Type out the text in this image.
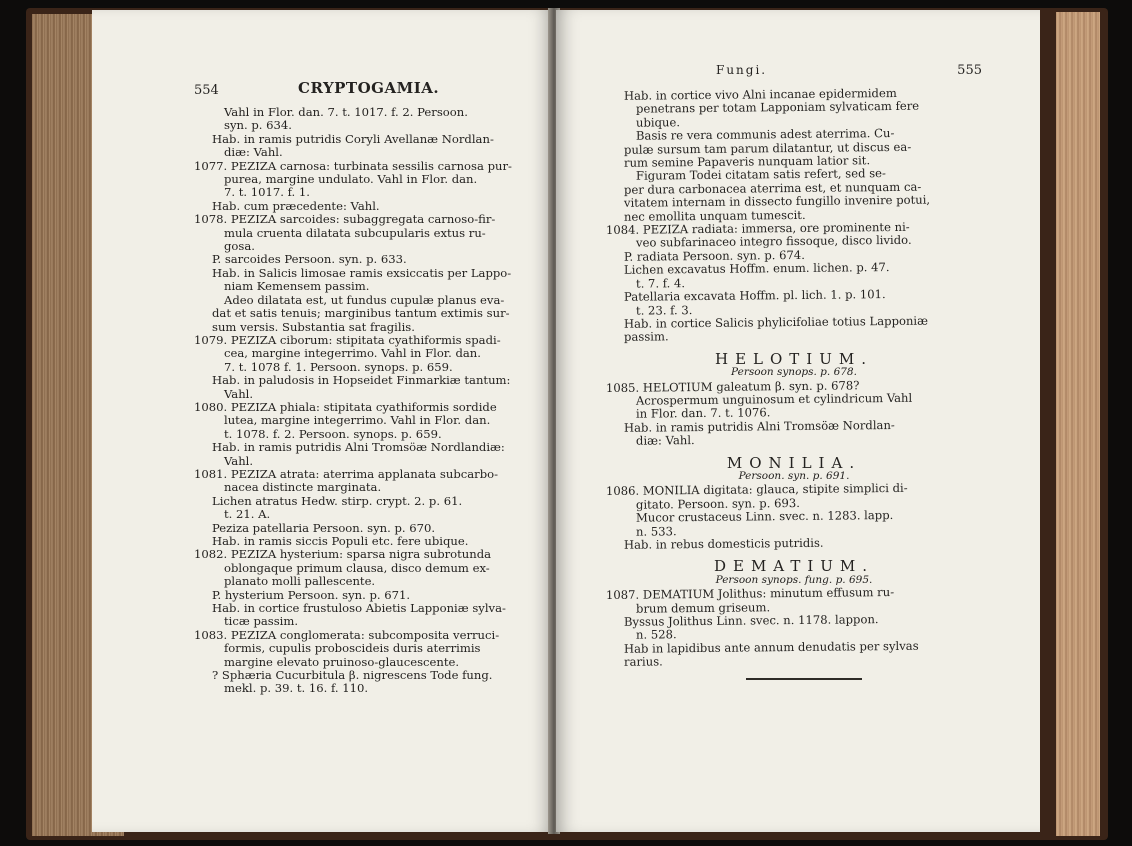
554	CRYPTOGAMIA.
Vahl in Flor. dan. 7. t. 1017. f. 2. Persoon.
syn. p. 634.
Hab. in ramis putridis Coryli Avellanæ Nordlan-
diæ: Vahl.
1077. PEZIZA carnosa: turbinata sessilis carnosa pur-
purea, margine undulato. Vahl in Flor. dan.
7. t. 1017. f. 1.
Hab. cum præcedente: Vahl.
1078. PEZIZA sarcoides: subaggregata carnoso-fir-
mula cruenta dilatata subcupularis extus ru-
gosa.
P. sarcoides Persoon. syn. p. 633.
Hab. in Salicis limosae ramis exsiccatis per Lappo-
niam Kemensem passim.
Adeo dilatata est, ut fundus cupulæ planus eva-
dat et satis tenuis; marginibus tantum extimis sur-
sum versis. Substantia sat fragilis.
1079. PEZIZA ciborum: stipitata cyathiformis spadi-
cea, margine integerrimo. Vahl in Flor. dan.
7. t. 1078 f. 1. Persoon. synops. p. 659.
Hab. in paludosis in Hopseidet Finmarkiæ tantum:
Vahl.
1080. PEZIZA phiala: stipitata cyathiformis sordide
lutea, margine integerrimo. Vahl in Flor. dan.
t. 1078. f. 2. Persoon. synops. p. 659.
Hab. in ramis putridis Alni Tromsöæ Nordlandiæ:
Vahl.
1081. PEZIZA atrata: aterrima applanata subcarbo-
nacea distincte marginata.
Lichen atratus Hedw. stirp. crypt. 2. p. 61.
t. 21. A.
Peziza patellaria Persoon. syn. p. 670.
Hab. in ramis siccis Populi etc. fere ubique.
1082. PEZIZA hysterium: sparsa nigra subrotunda
oblongaque primum clausa, disco demum ex-
planato molli pallescente.
P. hysterium Persoon. syn. p. 671.
Hab. in cortice frustuloso Abietis Lapponiæ sylva-
ticæ passim.
1083. PEZIZA conglomerata: subcomposita verruci-
formis, cupulis proboscideis duris aterrimis
margine elevato pruinoso-glaucescente.
? Sphæria Cucurbitula β. nigrescens Tode fung.
mekl. p. 39. t. 16. f. 110.
Fungi.	555
Hab. in cortice vivo Alni incanae epidermidem
penetrans per totam Lapponiam sylvaticam fere
ubique.
Basis re vera communis adest aterrima. Cu-
pulæ sursum tam parum dilatantur, ut discus ea-
rum semine Papaveris nunquam latior sit.
Figuram Todei citatam satis refert, sed se-
per dura carbonacea aterrima est, et nunquam ca-
vitatem internam in dissecto fungillo invenire potui,
nec emollita unquam tumescit.
1084. PEZIZA radiata: immersa, ore prominente ni-
veo subfarinaceo integro fissoque, disco livido.
P. radiata Persoon. syn. p. 674.
Lichen excavatus Hoffm. enum. lichen. p. 47.
t. 7. f. 4.
Patellaria excavata Hoffm. pl. lich. 1. p. 101.
t. 23. f. 3.
Hab. in cortice Salicis phylicifoliae totius Lapponiæ
passim.
HELOTIUM.
Persoon synops. p. 678.
1085. HELOTIUM galeatum β. syn. p. 678?
Acrospermum unguinosum et cylindricum Vahl
in Flor. dan. 7. t. 1076.
Hab. in ramis putridis Alni Tromsöæ Nordlan-
diæ: Vahl.
MONILIA.
Persoon. syn. p. 691.
1086. MONILIA digitata: glauca, stipite simplici di-
gitato. Persoon. syn. p. 693.
Mucor crustaceus Linn. svec. n. 1283. lapp.
n. 533.
Hab. in rebus domesticis putridis.
DEMATIUM.
Persoon synops. fung. p. 695.
1087. DEMATIUM Jolithus: minutum effusum ru-
brum demum griseum.
Byssus Jolithus Linn. svec. n. 1178. lappon.
n. 528.
Hab in lapidibus ante annum denudatis per sylvas
rarius.
